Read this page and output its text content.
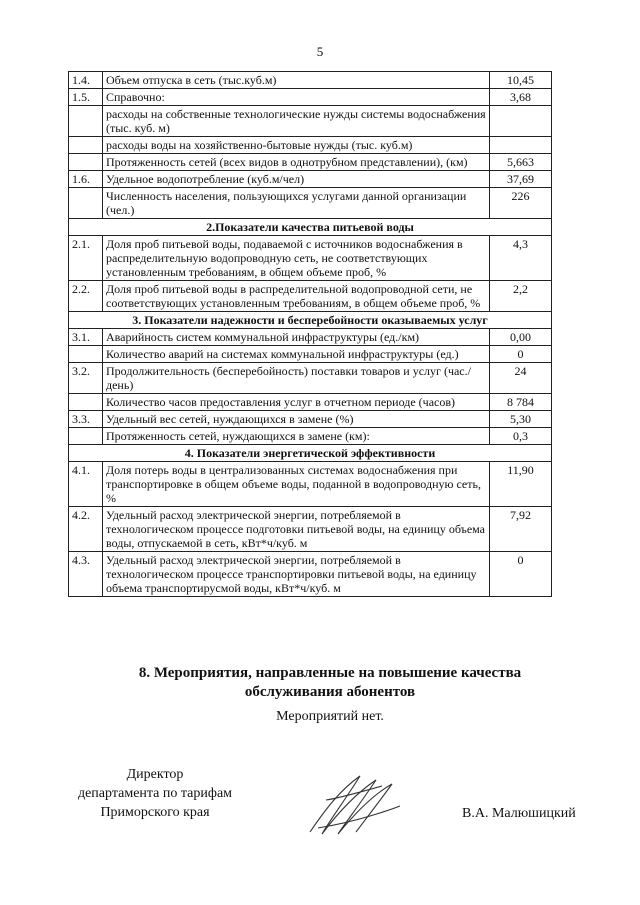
5
1.4.	Объем отпуска в сеть (тыс.куб.м)	10,45
1.5.	Справочно:	3,68
	расходы на собственные технологические нужды системы водоснабжения (тыс. куб. м)	
	расходы воды на хозяйственно-бытовые нужды (тыс. куб.м)	
	Протяженность сетей (всех видов в однотрубном представлении), (км)	5,663
1.6.	Удельное водопотребление (куб.м/чел)	37,69
	Численность населения, пользующихся услугами данной организации (чел.)	226
2.Показатели качества питьевой воды		
2.1.	Доля проб питьевой воды, подаваемой с источников водоснабжения в распределительную водопроводную сеть, не соответствующих установленным требованиям, в общем объеме проб, %	4,3
2.2.	Доля проб питьевой воды в распределительной водопроводной сети, не соответствующих установленным требованиям, в общем объеме проб, %	2,2
3. Показатели надежности и бесперебойности оказываемых услуг		
3.1.	Аварийность систем коммунальной инфраструктуры (ед./км)	0,00
	Количество аварий на системах коммунальной инфраструктуры (ед.)	0
3.2.	Продолжительность (бесперебойность) поставки товаров и услуг (час./день)	24
	Количество часов предоставления услуг в отчетном периоде (часов)	8 784
3.3.	Удельный вес сетей, нуждающихся в замене (%)	5,30
	Протяженность сетей, нуждающихся в замене (км):	0,3
4. Показатели энергетической эффективности		
4.1.	Доля потерь воды в централизованных системах водоснабжения при транспортировке в общем объеме воды, поданной в водопроводную сеть, %	11,90
4.2.	Удельный расход электрической энергии, потребляемой в технологическом процессе подготовки питьевой воды, на единицу объема воды, отпускаемой в сеть, кВт*ч/куб. м	7,92
4.3.	Удельный расход электрической энергии, потребляемой в технологическом процессе транспортировки питьевой воды, на единицу объема транспортирусмой воды, кВт*ч/куб. м	0
8. Мероприятия, направленные на повышение качества
обслуживания абонентов
Мероприятий нет.
Директор
департамента по тарифам
Приморского края	В.А. Малюшицкий
